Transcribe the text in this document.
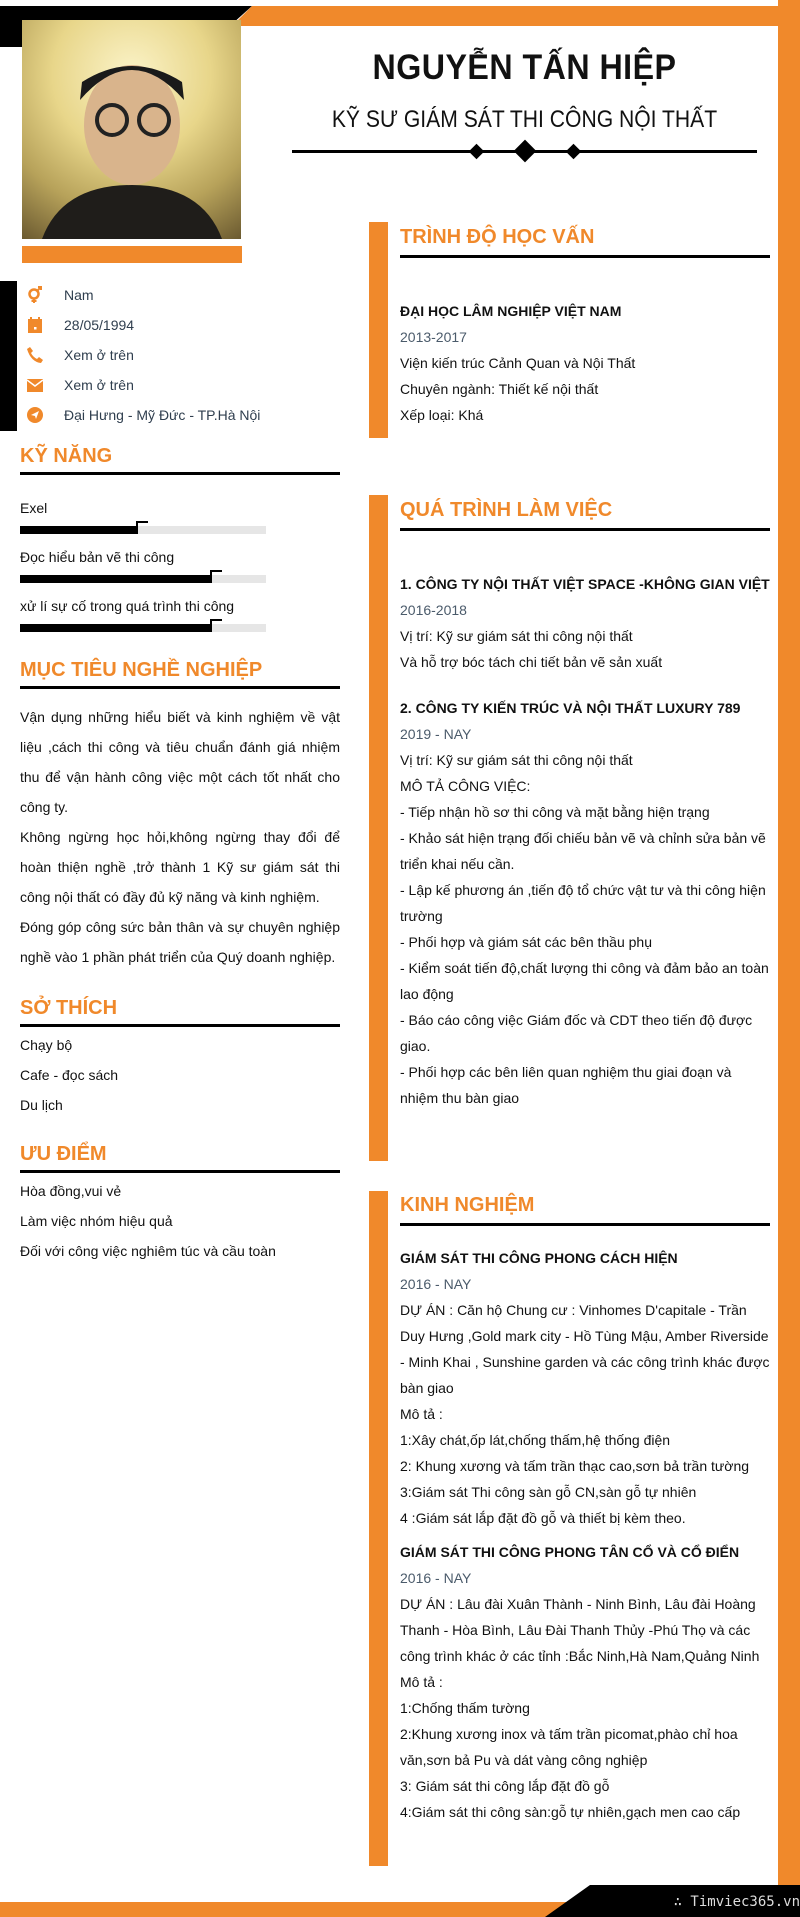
∴ Timviec365.vn
NGUYỄN TẤN HIỆP
KỸ SƯ GIÁM SÁT THI CÔNG NỘI THẤT
Nam
28/05/1994
Xem ở trên
Xem ở trên
Đại Hưng - Mỹ Đức - TP.Hà Nội
KỸ NĂNG
Exel
Đọc hiểu bản vẽ thi công
xử lí sự cố trong quá trình thi công
MỤC TIÊU NGHỀ NGHIỆP

Vận dụng những hiểu biết và kinh nghiệm về vật liệu ,cách thi công và tiêu chuẩn đánh giá nhiệm thu để vận hành công việc một cách tốt nhất cho công ty.

Không ngừng học hỏi,không ngừng thay đổi để hoàn thiện nghề ,trở thành 1 Kỹ sư giám sát thi công nội thất có đầy đủ kỹ năng và kinh nghiệm.

Đóng góp công sức bản thân và sự chuyên nghiệp nghề vào 1 phần phát triển của Quý doanh nghiệp.

SỞ THÍCH
Chạy bộ
Cafe - đọc sách
Du lịch
ƯU ĐIỂM
Hòa đồng,vui vẻ
Làm việc nhóm hiệu quả
Đối với công việc nghiêm túc và cầu toàn
TRÌNH ĐỘ HỌC VẤN
ĐẠI HỌC LÂM NGHIỆP VIỆT NAM
2013-2017
Viện kiến trúc Cảnh Quan và Nội Thất
Chuyên ngành: Thiết kế nội thất
Xếp loại: Khá
QUÁ TRÌNH LÀM VIỆC
1. CÔNG TY NỘI THẤT VIỆT SPACE -KHÔNG GIAN VIỆT
2016-2018
Vị trí: Kỹ sư giám sát thi công nội thất
Và hỗ trợ bóc tách chi tiết bản vẽ sản xuất
2. CÔNG TY KIẾN TRÚC VÀ NỘI THẤT LUXURY 789
2019 - NAY
Vị trí: Kỹ sư giám sát thi công nội thất
MÔ TẢ CÔNG VIỆC:
- Tiếp nhận hồ sơ thi công và mặt bằng hiện trạng
- Khảo sát hiện trạng đối chiếu bản vẽ và chỉnh sửa bản vẽ triển khai nếu cần.
- Lập kế phương án ,tiến độ tổ chức vật tư và thi công hiện trường
- Phối hợp và giám sát các bên thầu phụ
- Kiểm soát tiến độ,chất lượng thi công và đảm bảo an toàn lao động
- Báo cáo công việc Giám đốc và CDT theo tiến độ được giao.
- Phối hợp các bên liên quan nghiệm thu giai đoạn và nhiệm thu bàn giao
KINH NGHIỆM
GIÁM SÁT THI CÔNG PHONG CÁCH HIỆN
2016 - NAY
DỰ ÁN : Căn hộ Chung cư : Vinhomes D'capitale - Trần Duy Hưng ,Gold mark city - Hồ Tùng Mậu, Amber Riverside - Minh Khai , Sunshine garden và các công trình khác được bàn giao
Mô tả :
1:Xây chát,ốp lát,chống thấm,hệ thống điện
2: Khung xương và tấm trần thạc cao,sơn bả trần tường
3:Giám sát Thi công sàn gỗ CN,sàn gỗ tự nhiên
4 :Giám sát lắp đặt đồ gỗ và thiết bị kèm theo.
GIÁM SÁT THI CÔNG PHONG TÂN CỔ VÀ CỔ ĐIỂN
2016 - NAY
DỰ ÁN : Lâu đài Xuân Thành - Ninh Bình, Lâu đài Hoàng Thanh - Hòa Bình, Lâu Đài Thanh Thủy -Phú Thọ và các công trình khác ở các tỉnh :Bắc Ninh,Hà Nam,Quảng Ninh
Mô tả :
1:Chống thấm tường
2:Khung xương inox và tấm trần picomat,phào chỉ hoa văn,sơn bả Pu và dát vàng công nghiệp
3: Giám sát thi công lắp đặt đồ gỗ
4:Giám sát thi công sàn:gỗ tự nhiên,gạch men cao cấp
